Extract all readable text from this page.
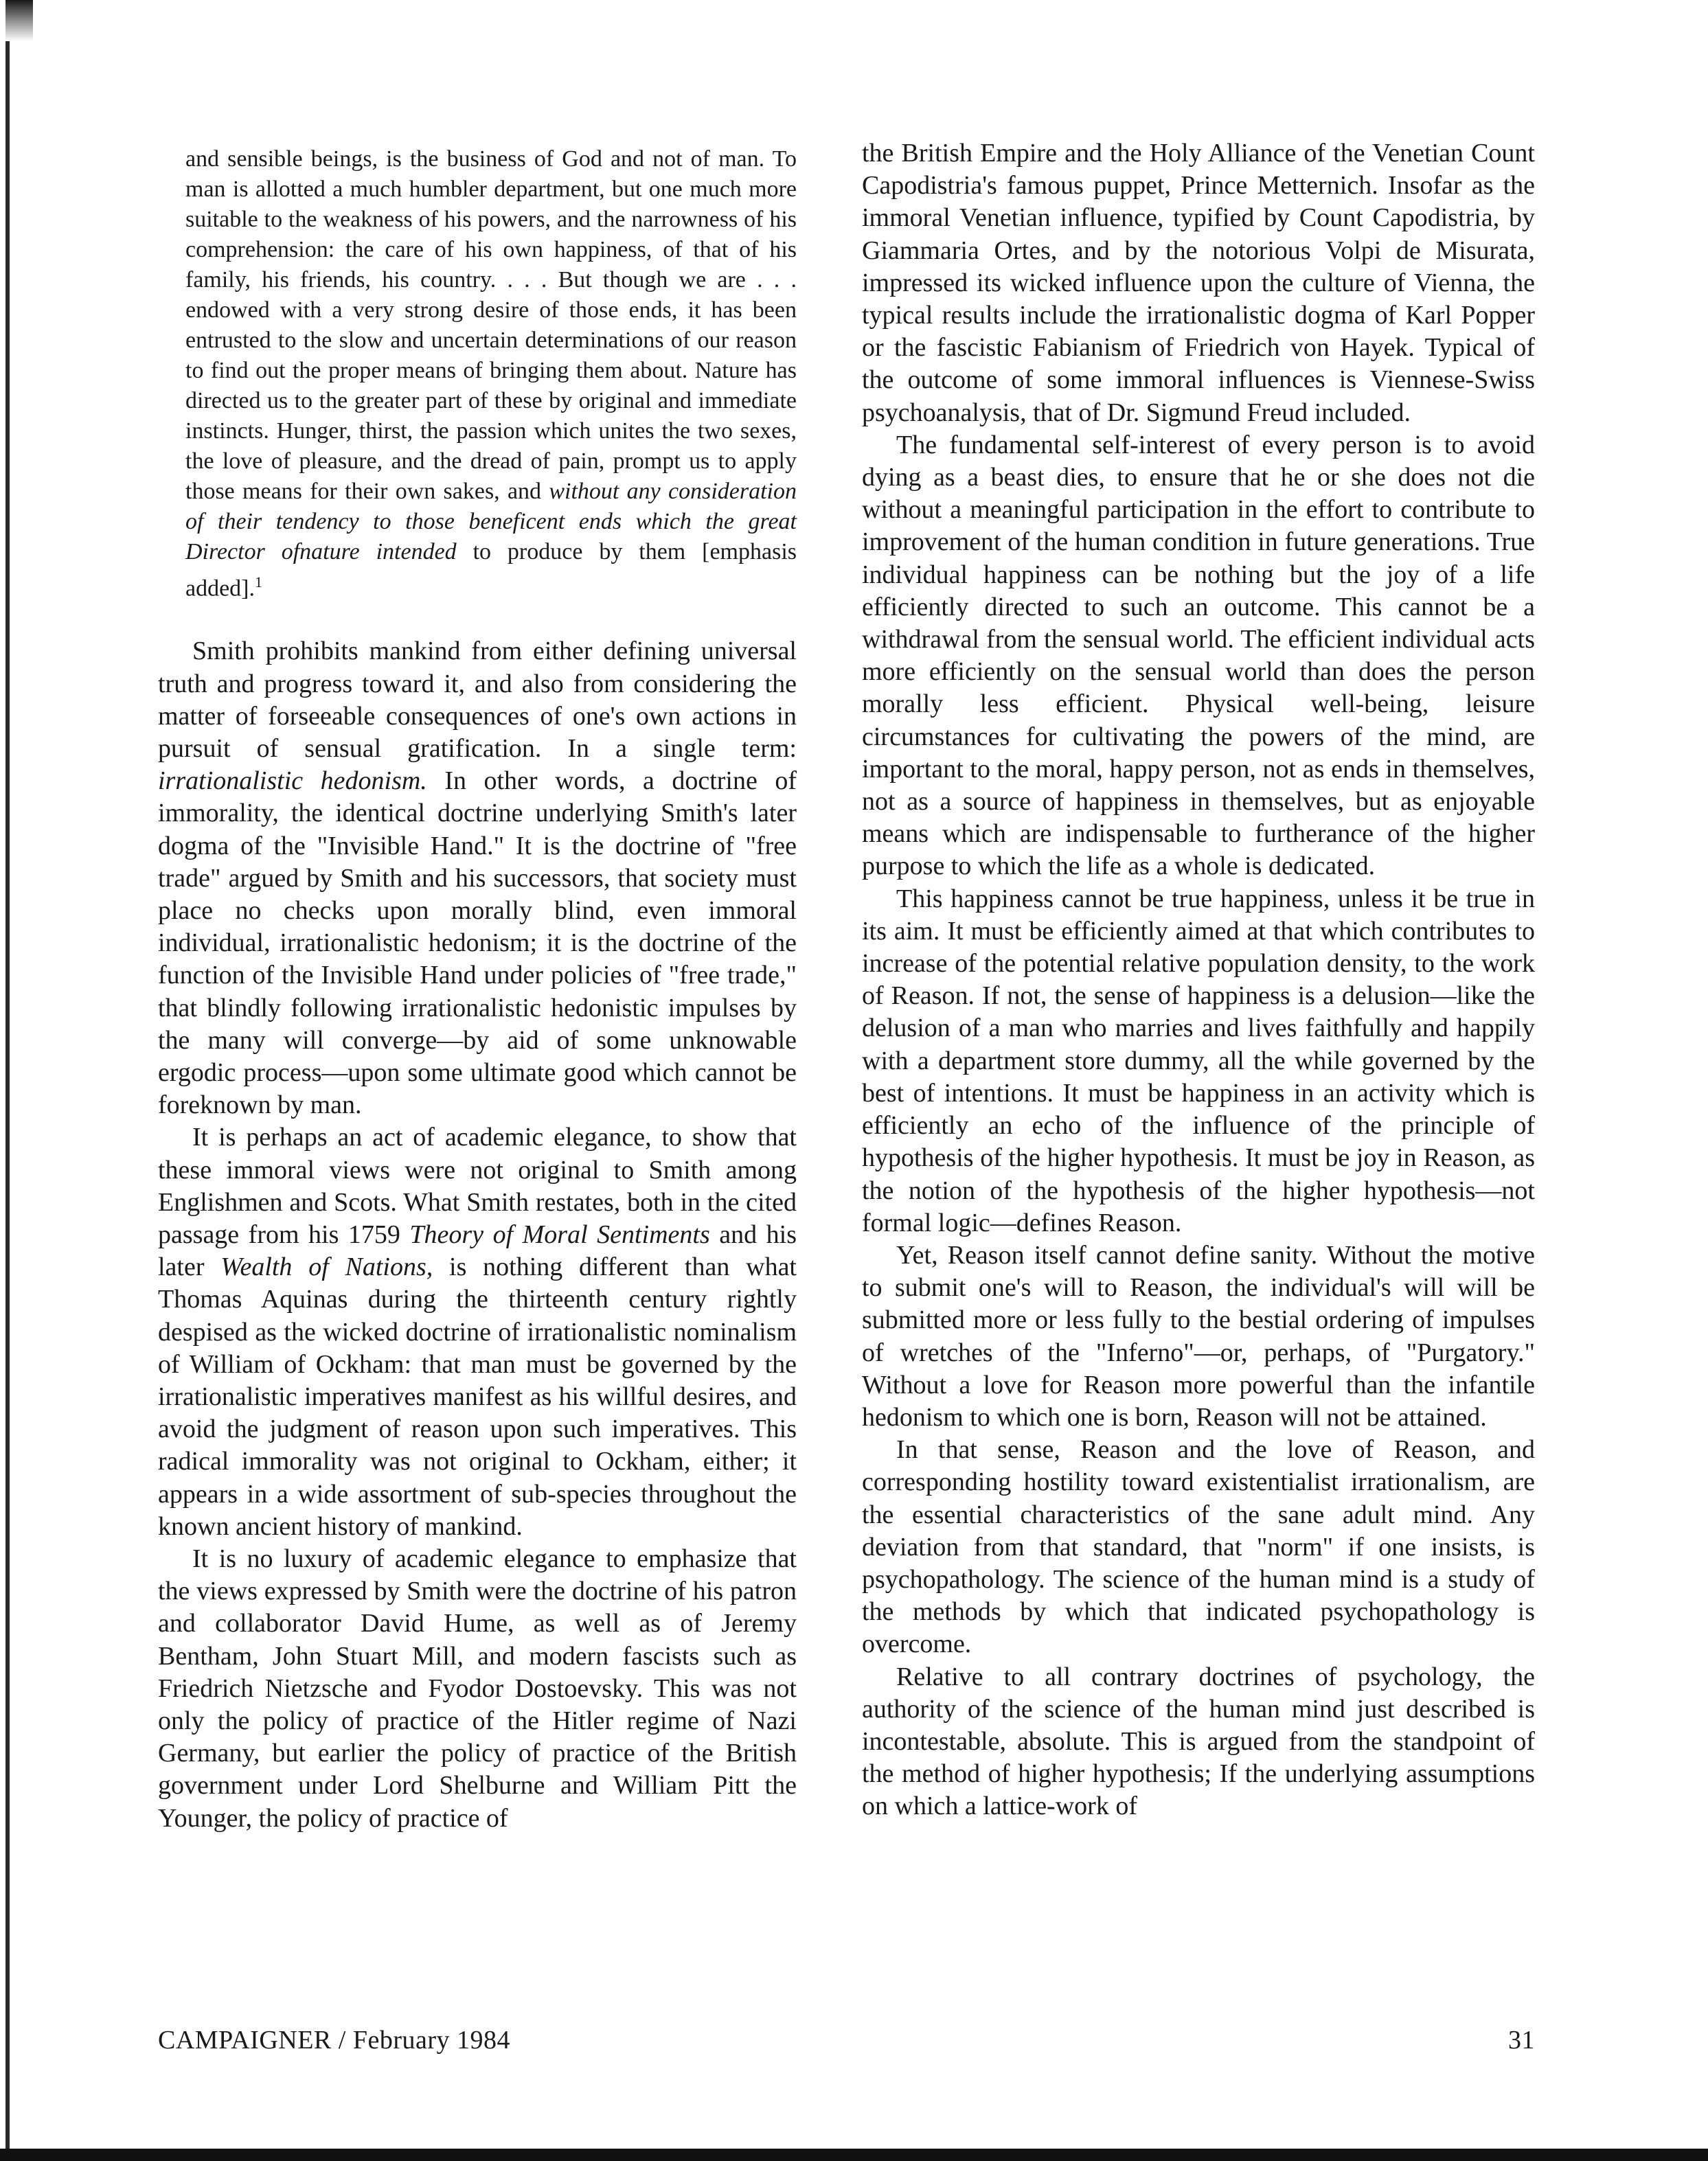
and sensible beings, is the business of God and not of man. To man is allotted a much humbler department, but one much more suitable to the weakness of his powers, and the narrowness of his comprehension: the care of his own happiness, of that of his family, his friends, his country. . . . But though we are . . . endowed with a very strong desire of those ends, it has been entrusted to the slow and uncertain determinations of our reason to find out the proper means of bringing them about. Nature has directed us to the greater part of these by original and immediate instincts. Hunger, thirst, the passion which unites the two sexes, the love of pleasure, and the dread of pain, prompt us to apply those means for their own sakes, and without any consideration of their tendency to those beneficent ends which the great Director ofnature intended to produce by them [emphasis added].$^1$

Smith prohibits mankind from either defining universal truth and progress toward it, and also from considering the matter of forseeable consequences of one's own actions in pursuit of sensual gratification. In a single term: irrationalistic hedonism. In other words, a doctrine of immorality, the identical doctrine underlying Smith's later dogma of the "Invisible Hand." It is the doctrine of "free trade" argued by Smith and his successors, that society must place no checks upon morally blind, even immoral individual, irrationalistic hedonism; it is the doctrine of the function of the Invisible Hand under policies of "free trade," that blindly following irrationalistic hedonistic impulses by the many will converge—by aid of some unknowable ergodic process—upon some ultimate good which cannot be foreknown by man.

It is perhaps an act of academic elegance, to show that these immoral views were not original to Smith among Englishmen and Scots. What Smith restates, both in the cited passage from his 1759 Theory of Moral Sentiments and his later Wealth of Nations, is nothing different than what Thomas Aquinas during the thirteenth century rightly despised as the wicked doctrine of irrationalistic nominalism of William of Ockham: that man must be governed by the irrationalistic imperatives manifest as his willful desires, and avoid the judgment of reason upon such imperatives. This radical immorality was not original to Ockham, either; it appears in a wide assortment of sub-species throughout the known ancient history of mankind.

It is no luxury of academic elegance to emphasize that the views expressed by Smith were the doctrine of his patron and collaborator David Hume, as well as of Jeremy Bentham, John Stuart Mill, and modern fascists such as Friedrich Nietzsche and Fyodor Dostoevsky. This was not only the policy of practice of the Hitler regime of Nazi Germany, but earlier the policy of practice of the British government under Lord Shelburne and William Pitt the Younger, the policy of practice of

the British Empire and the Holy Alliance of the Venetian Count Capodistria's famous puppet, Prince Metternich. Insofar as the immoral Venetian influence, typified by Count Capodistria, by Giammaria Ortes, and by the notorious Volpi de Misurata, impressed its wicked influence upon the culture of Vienna, the typical results include the irrationalistic dogma of Karl Popper or the fascistic Fabianism of Friedrich von Hayek. Typical of the outcome of some immoral influences is Viennese-Swiss psychoanalysis, that of Dr. Sigmund Freud included.

The fundamental self-interest of every person is to avoid dying as a beast dies, to ensure that he or she does not die without a meaningful participation in the effort to contribute to improvement of the human condition in future generations. True individual happiness can be nothing but the joy of a life efficiently directed to such an outcome. This cannot be a withdrawal from the sensual world. The efficient individual acts more efficiently on the sensual world than does the person morally less efficient. Physical well-being, leisure circumstances for cultivating the powers of the mind, are important to the moral, happy person, not as ends in themselves, not as a source of happiness in themselves, but as enjoyable means which are indispensable to furtherance of the higher purpose to which the life as a whole is dedicated.

This happiness cannot be true happiness, unless it be true in its aim. It must be efficiently aimed at that which contributes to increase of the potential relative population density, to the work of Reason. If not, the sense of happiness is a delusion—like the delusion of a man who marries and lives faithfully and happily with a department store dummy, all the while governed by the best of intentions. It must be happiness in an activity which is efficiently an echo of the influence of the principle of hypothesis of the higher hypothesis. It must be joy in Reason, as the notion of the hypothesis of the higher hypothesis—not formal logic—defines Reason.

Yet, Reason itself cannot define sanity. Without the motive to submit one's will to Reason, the individual's will will be submitted more or less fully to the bestial ordering of impulses of wretches of the "Inferno"—or, perhaps, of "Purgatory." Without a love for Reason more powerful than the infantile hedonism to which one is born, Reason will not be attained.

In that sense, Reason and the love of Reason, and corresponding hostility toward existentialist irrationalism, are the essential characteristics of the sane adult mind. Any deviation from that standard, that "norm" if one insists, is psychopathology. The science of the human mind is a study of the methods by which that indicated psychopathology is overcome.

Relative to all contrary doctrines of psychology, the authority of the science of the human mind just described is incontestable, absolute. This is argued from the standpoint of the method of higher hypothesis; If the underlying assumptions on which a lattice-work of

CAMPAIGNER / February 1984	31
